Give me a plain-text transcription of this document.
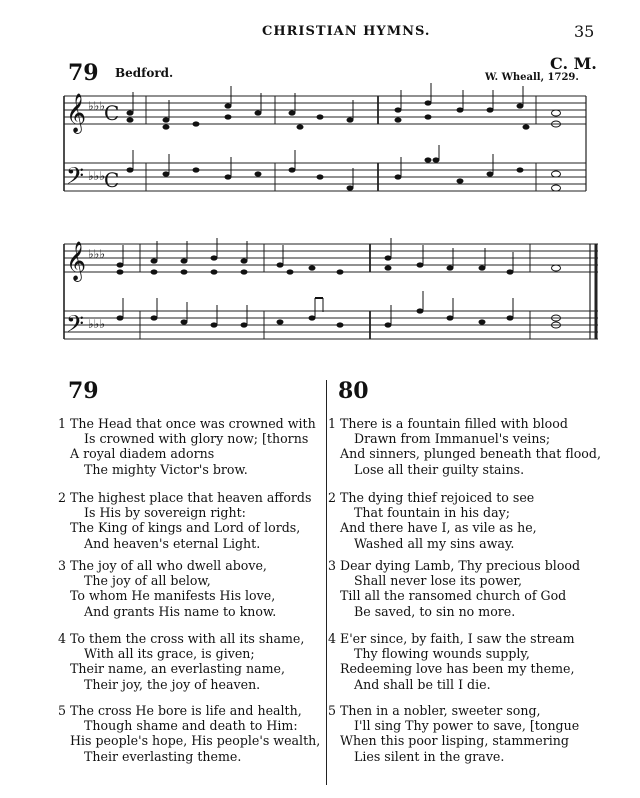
CHRISTIAN HYMNS.	35
79 Bedford.	C. M.
W. Wheall, 1729.
𝄞
𝄢
♭♭♭
♭♭♭
C
C
𝄞
𝄢
♭♭♭
♭♭♭
79
1 The Head that once was crowned with
Is crowned with glory now; [thorns
A royal diadem adorns
The mighty Victor's brow.
2 The highest place that heaven affords
Is His by sovereign right:
The King of kings and Lord of lords,
And heaven's eternal Light.
3 The joy of all who dwell above,
The joy of all below,
To whom He manifests His love,
And grants His name to know.
4 To them the cross with all its shame,
With all its grace, is given;
Their name, an everlasting name,
Their joy, the joy of heaven.
5 The cross He bore is life and health,
Though shame and death to Him:
His people's hope, His people's wealth,
Their everlasting theme.
80
1 There is a fountain filled with blood
Drawn from Immanuel's veins;
And sinners, plunged beneath that flood,
Lose all their guilty stains.
2 The dying thief rejoiced to see
That fountain in his day;
And there have I, as vile as he,
Washed all my sins away.
3 Dear dying Lamb, Thy precious blood
Shall never lose its power,
Till all the ransomed church of God
Be saved, to sin no more.
4 E'er since, by faith, I saw the stream
Thy flowing wounds supply,
Redeeming love has been my theme,
And shall be till I die.
5 Then in a nobler, sweeter song,
I'll sing Thy power to save, [tongue
When this poor lisping, stammering
Lies silent in the grave.
